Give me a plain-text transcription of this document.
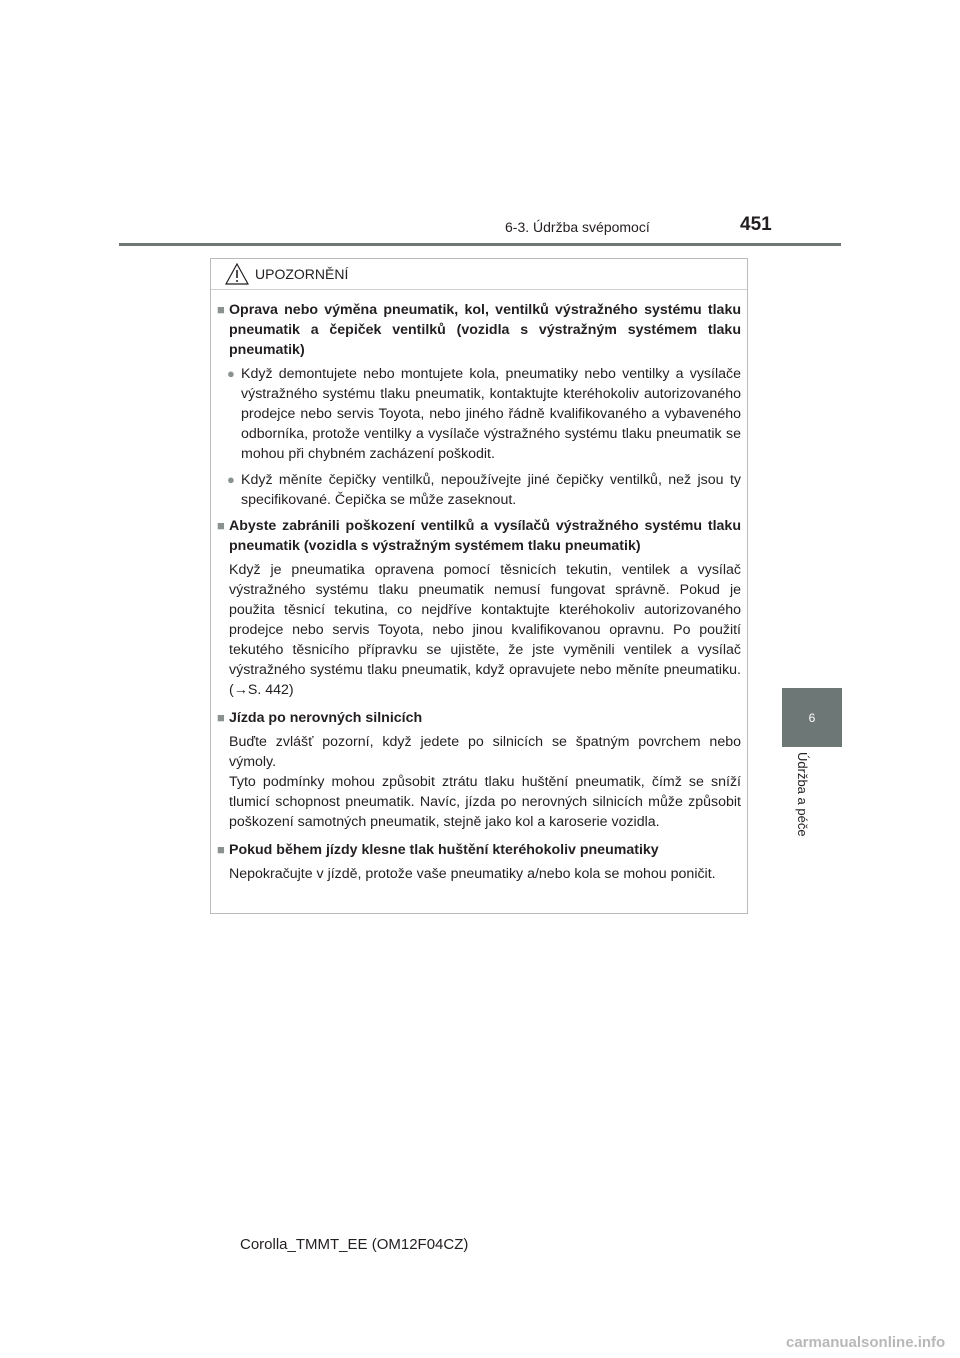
6-3. Údržba svépomocí	451
6
Údržba a péče
UPOZORNĚNÍ
■ Oprava nebo výměna pneumatik, kol, ventilků výstražného systému tlaku pneumatik a čepiček ventilků (vozidla s výstražným systémem tlaku pneumatik)
● Když demontujete nebo montujete kola, pneumatiky nebo ventilky a vysílače výstražného systému tlaku pneumatik, kontaktujte kteréhokoliv autorizovaného prodejce nebo servis Toyota, nebo jiného řádně kvalifikovaného a vybaveného odborníka, protože ventilky a vysílače výstražného systému tlaku pneumatik se mohou při chybném zacházení poškodit.
● Když měníte čepičky ventilků, nepoužívejte jiné čepičky ventilků, než jsou ty specifikované. Čepička se může zaseknout.
■ Abyste zabránili poškození ventilků a vysílačů výstražného systému tlaku pneumatik (vozidla s výstražným systémem tlaku pneumatik)
Když je pneumatika opravena pomocí těsnicích tekutin, ventilek a vysílač výstražného systému tlaku pneumatik nemusí fungovat správně. Pokud je použita těsnicí tekutina, co nejdříve kontaktujte kteréhokoliv autorizovaného prodejce nebo servis Toyota, nebo jinou kvalifikovanou opravnu. Po použití tekutého těsnicího přípravku se ujistěte, že jste vyměnili ventilek a vysílač výstražného systému tlaku pneumatik, když opravujete nebo měníte pneumatiku. (→S. 442)
■ Jízda po nerovných silnicích
Buďte zvlášť pozorní, když jedete po silnicích se špatným povrchem nebo výmoly.
Tyto podmínky mohou způsobit ztrátu tlaku huštění pneumatik, čímž se sníží tlumicí schopnost pneumatik. Navíc, jízda po nerovných silnicích může způsobit poškození samotných pneumatik, stejně jako kol a karoserie vozidla.
■ Pokud během jízdy klesne tlak huštění kteréhokoliv pneumatiky
Nepokračujte v jízdě, protože vaše pneumatiky a/nebo kola se mohou poničit.
Corolla_TMMT_EE (OM12F04CZ)
carmanualsonline.info
